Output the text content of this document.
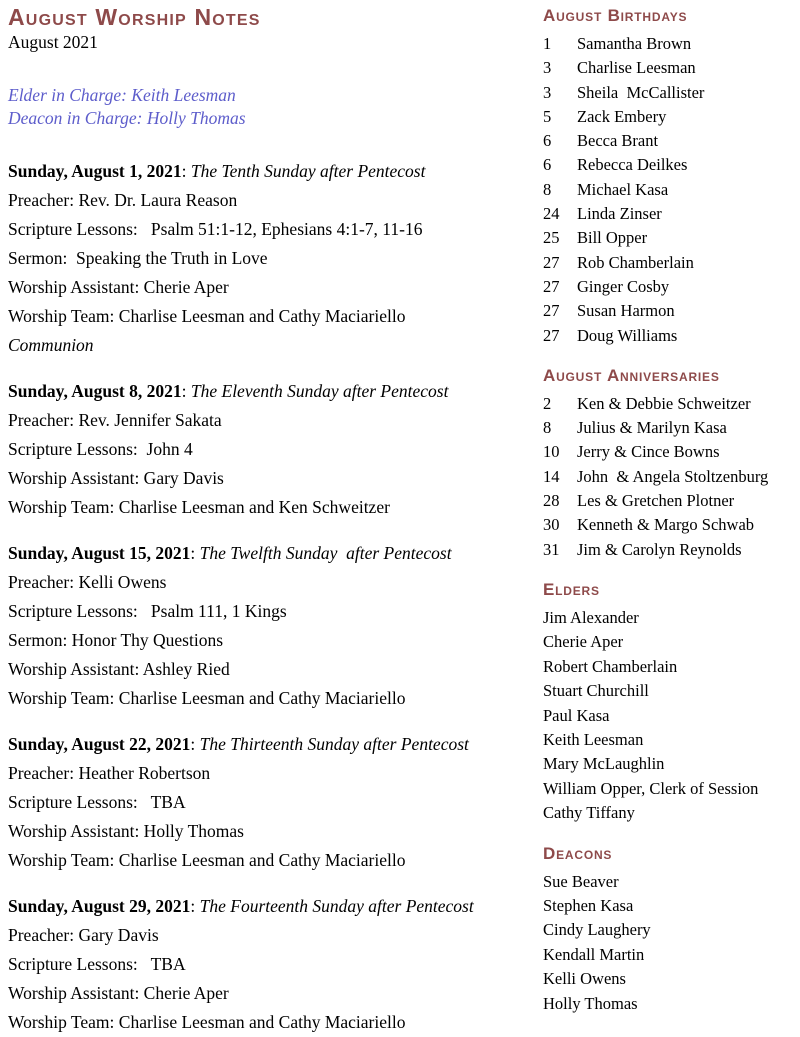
August Worship Notes
August 2021
Elder in Charge: Keith Leesman
Deacon in Charge: Holly Thomas
Sunday, August 1, 2021: The Tenth Sunday after Pentecost
Preacher: Rev. Dr. Laura Reason
Scripture Lessons:   Psalm 51:1-12, Ephesians 4:1-7, 11-16
Sermon:  Speaking the Truth in Love
Worship Assistant: Cherie Aper
Worship Team: Charlise Leesman and Cathy Maciariello
Communion
Sunday, August 8, 2021: The Eleventh Sunday after Pentecost
Preacher: Rev. Jennifer Sakata
Scripture Lessons:  John 4
Worship Assistant: Gary Davis
Worship Team: Charlise Leesman and Ken Schweitzer
Sunday, August 15, 2021: The Twelfth Sunday  after Pentecost
Preacher: Kelli Owens
Scripture Lessons:   Psalm 111, 1 Kings
Sermon: Honor Thy Questions
Worship Assistant: Ashley Ried
Worship Team: Charlise Leesman and Cathy Maciariello
Sunday, August 22, 2021: The Thirteenth Sunday after Pentecost
Preacher: Heather Robertson
Scripture Lessons:   TBA
Worship Assistant: Holly Thomas
Worship Team: Charlise Leesman and Cathy Maciariello
Sunday, August 29, 2021: The Fourteenth Sunday after Pentecost
Preacher: Gary Davis
Scripture Lessons:   TBA
Worship Assistant: Cherie Aper
Worship Team: Charlise Leesman and Cathy Maciariello
August Birthdays
1	Samantha Brown
3	Charlise Leesman
3	Sheila  McCallister
5	Zack Embery
6	Becca Brant
6	Rebecca Deilkes
8	Michael Kasa
24	Linda Zinser
25	Bill Opper
27	Rob Chamberlain
27	Ginger Cosby
27	Susan Harmon
27	Doug Williams
August Anniversaries
2	Ken & Debbie Schweitzer
8	Julius & Marilyn Kasa
10	Jerry & Cince Bowns
14	John  & Angela Stoltzenburg
28	Les & Gretchen Plotner
30	Kenneth & Margo Schwab
31	Jim & Carolyn Reynolds
Elders
Jim Alexander
Cherie Aper
Robert Chamberlain
Stuart Churchill
Paul Kasa
Keith Leesman
Mary McLaughlin
William Opper, Clerk of Session
Cathy Tiffany
Deacons
Sue Beaver
Stephen Kasa
Cindy Laughery
Kendall Martin
Kelli Owens
Holly Thomas
